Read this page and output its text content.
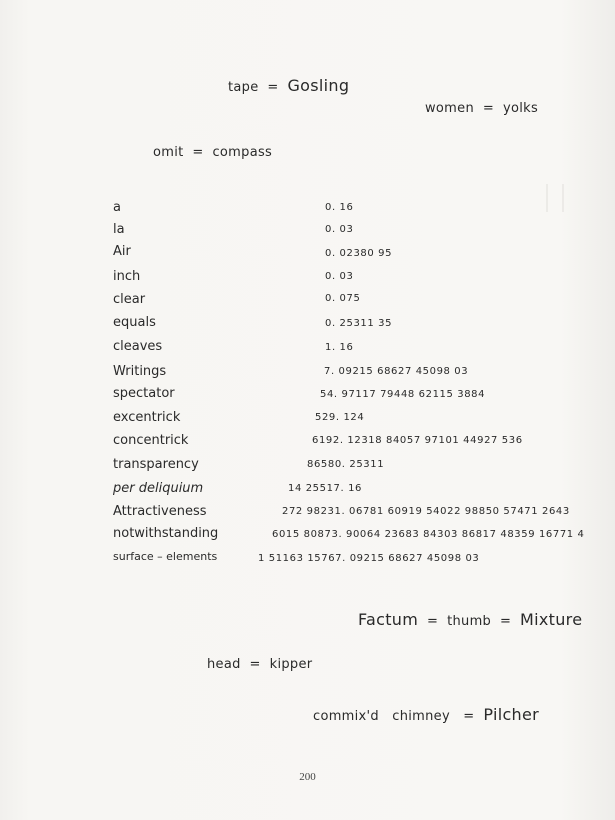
tape = Gosling
women = yolks
omit = compass
a	0. 16
la	0. 03
Air	0. 02380 95
inch	0. 03
clear	0. 075
equals	0. 25311 35
cleaves	1. 16
Writings	7. 09215 68627 45098 03
spectator	54. 97117 79448 62115 3884
excentrick	529. 124
concentrick	6192. 12318 84057 97101 44927 536
transparency	86580. 25311
per deliquium	14 25517. 16
Attractiveness	272 98231. 06781 60919 54022 98850 57471 2643
notwithstanding	6015 80873. 90064 23683 84303 86817 48359 16771 4
surface – elements	1 51163 15767. 09215 68627 45098 03
Factum = thumb = Mixture
head = kipper
commix'd chimney = Pilcher
200
